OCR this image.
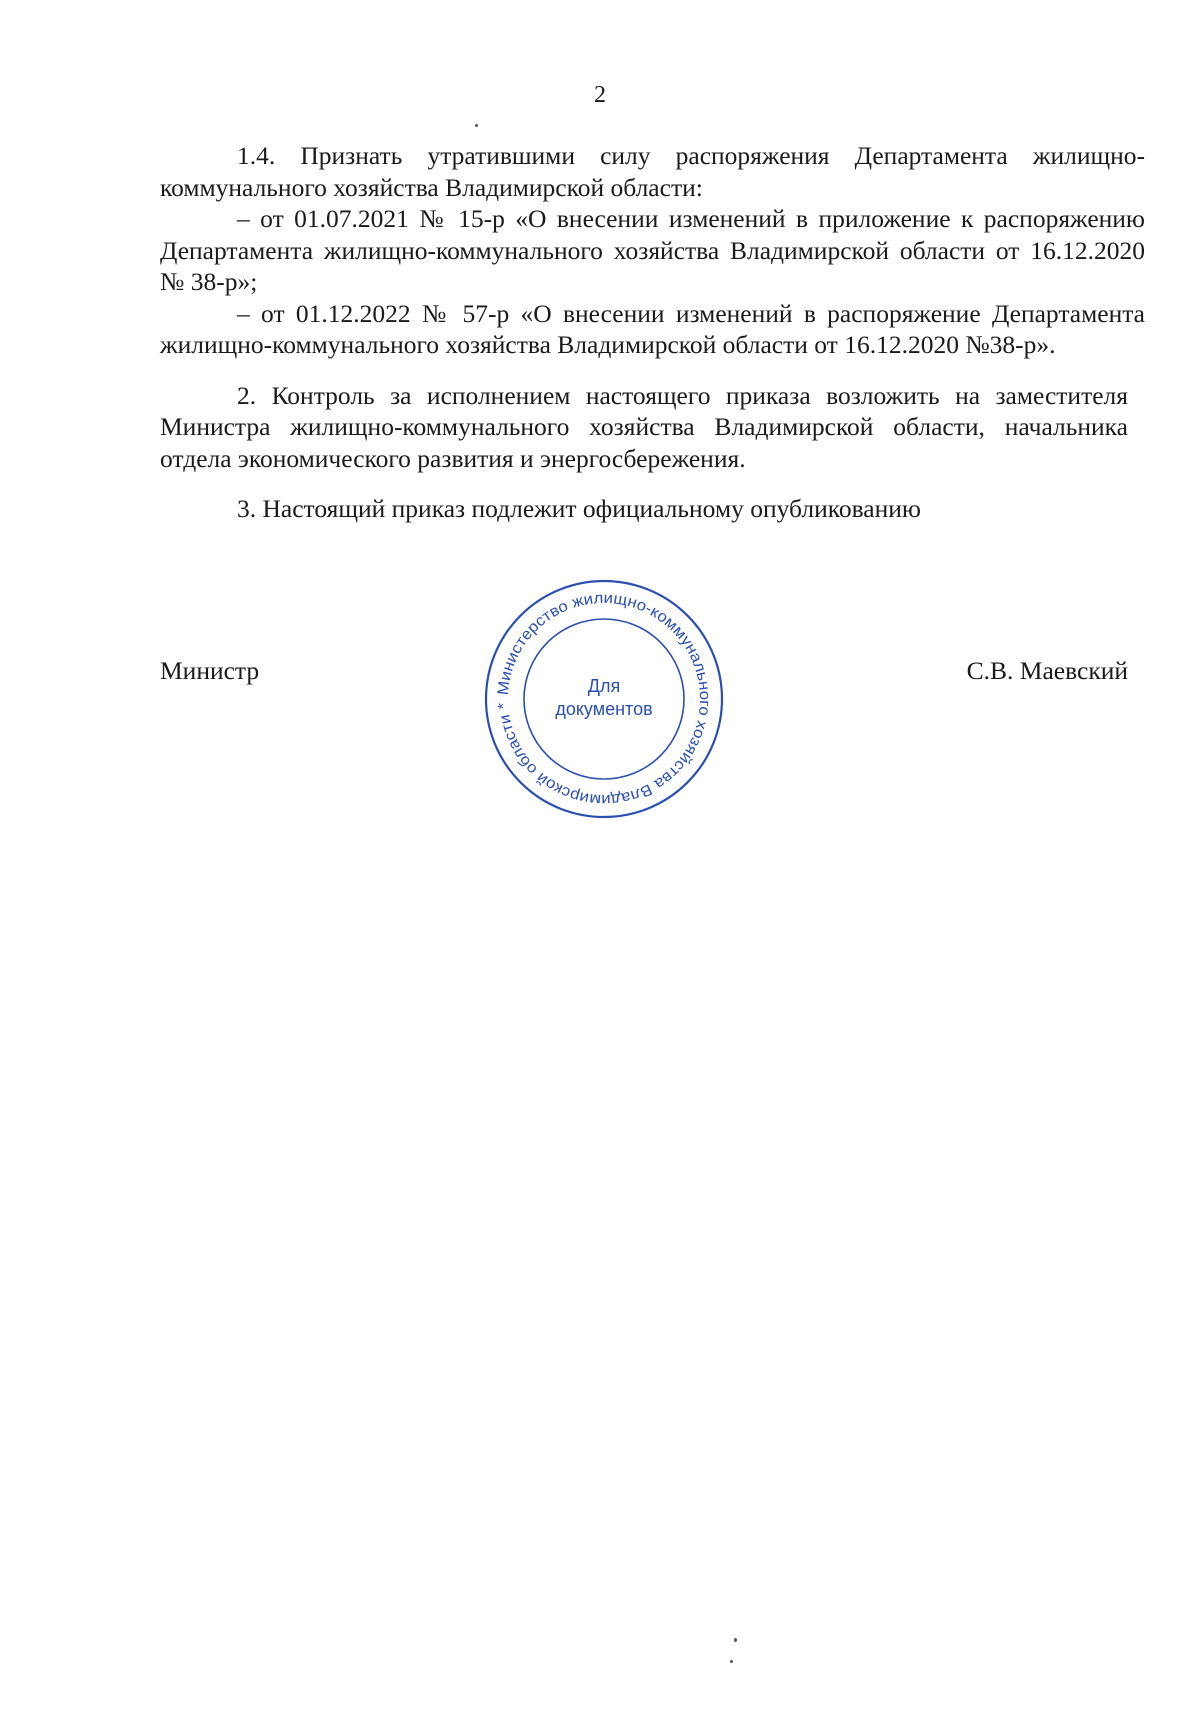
2

1.4. Признать утратившими силу распоряжения Департамента жилищно-коммунального хозяйства Владимирской области:

– от 01.07.2021 № 15-р «О внесении изменений в приложение к распоряжению Департамента жилищно-коммунального хозяйства Владимирской области от 16.12.2020 № 38-р»;

– от 01.12.2022 № 57-р «О внесении изменений в распоряжение Департамента жилищно-коммунального хозяйства Владимирской области от 16.12.2020 №38-р».

2. Контроль за исполнением настоящего приказа возложить на заместителя Министра жилищно-коммунального хозяйства Владимирской области, начальника отдела экономического развития и энергосбережения.

3. Настоящий приказ подлежит официальному опубликованию

Министр	С.В. Маевский
Министерство жилищно-коммунального хозяйства Владимирской области *
Для
документов
